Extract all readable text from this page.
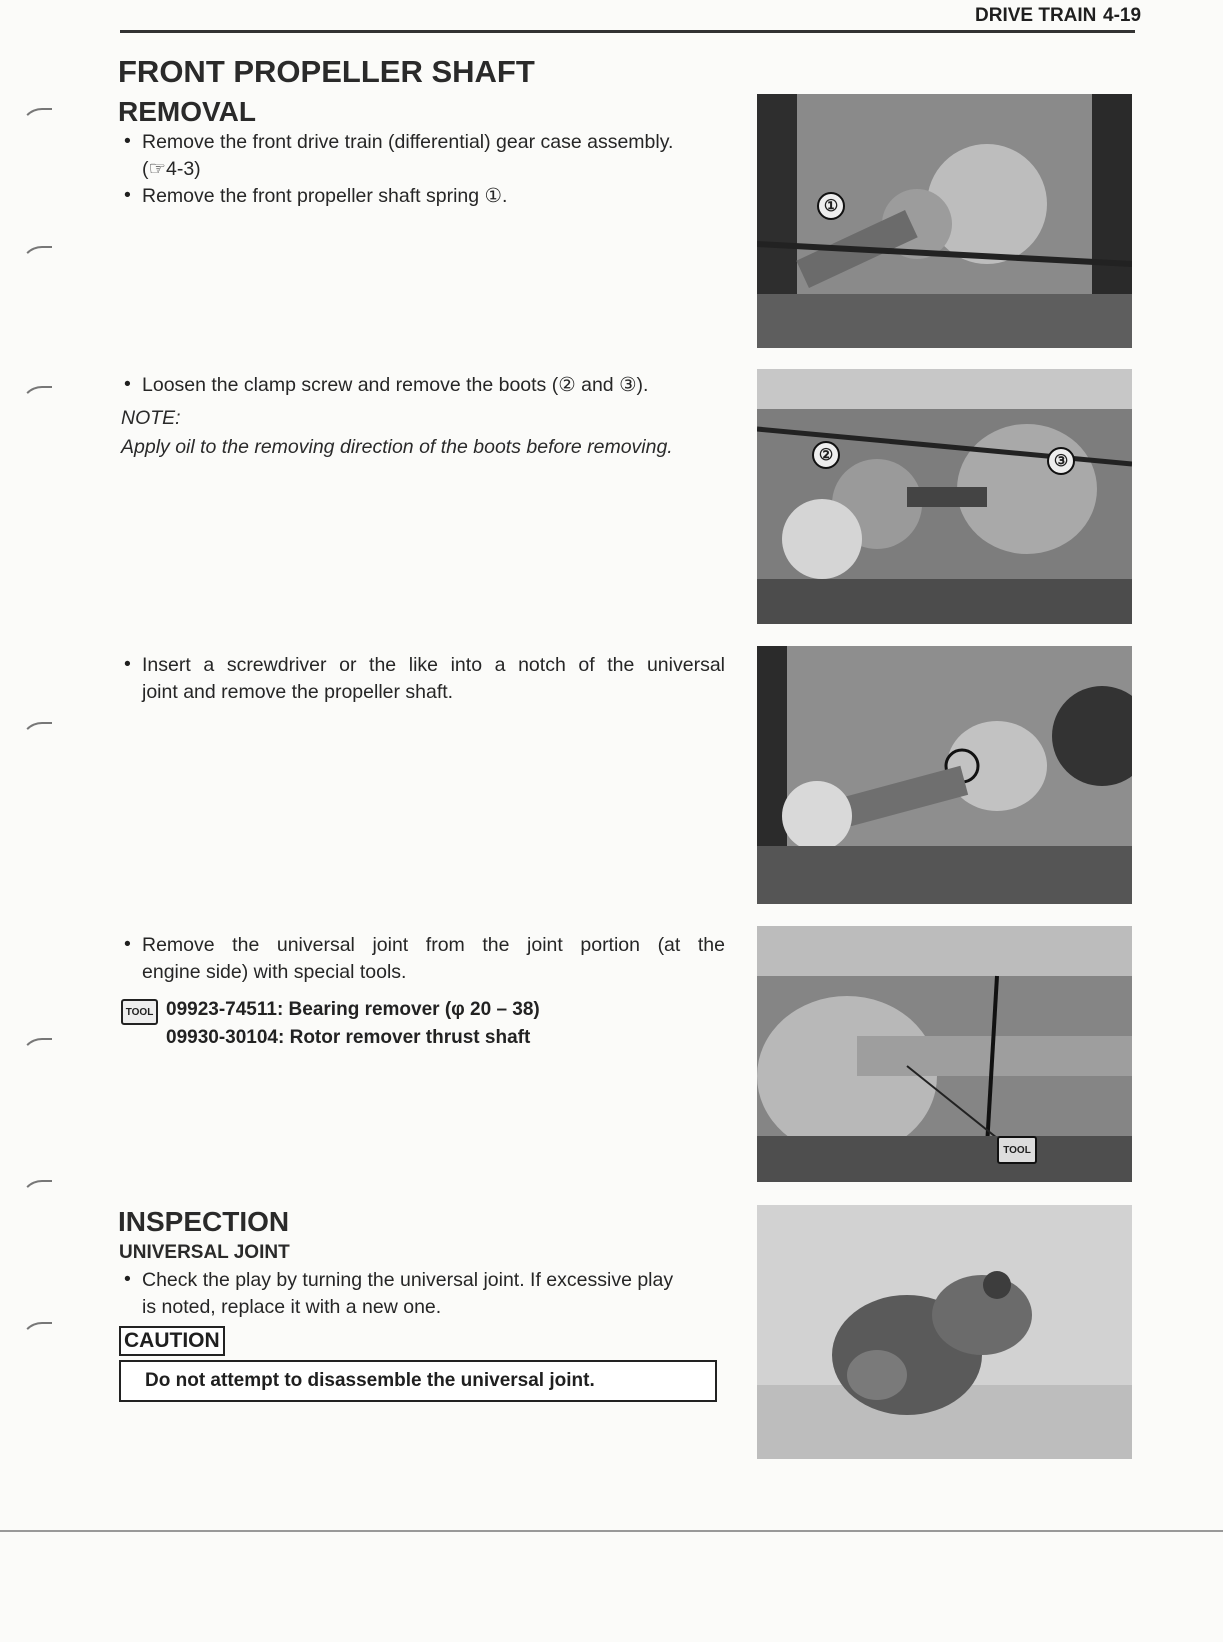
DRIVE TRAIN 4-19
FRONT PROPELLER SHAFT
REMOVAL
• Remove the front drive train (differential) gear case assembly.
(☞4-3)
• Remove the front propeller shaft spring ①.
• Loosen the clamp screw and remove the boots (② and ③).
NOTE:
Apply oil to the removing direction of the boots before removing.
• Insert a screwdriver or the like into a notch of the universal
joint and remove the propeller shaft.
• Remove the universal joint from the joint portion (at the
engine side) with special tools.
TOOL 09923-74511: Bearing remover (φ 20 – 38)
09930-30104: Rotor remover thrust shaft
INSPECTION
UNIVERSAL JOINT
• Check the play by turning the universal joint. If excessive play
is noted, replace it with a new one.
CAUTION
Do not attempt to disassemble the universal joint.
①
②	③
TOOL
